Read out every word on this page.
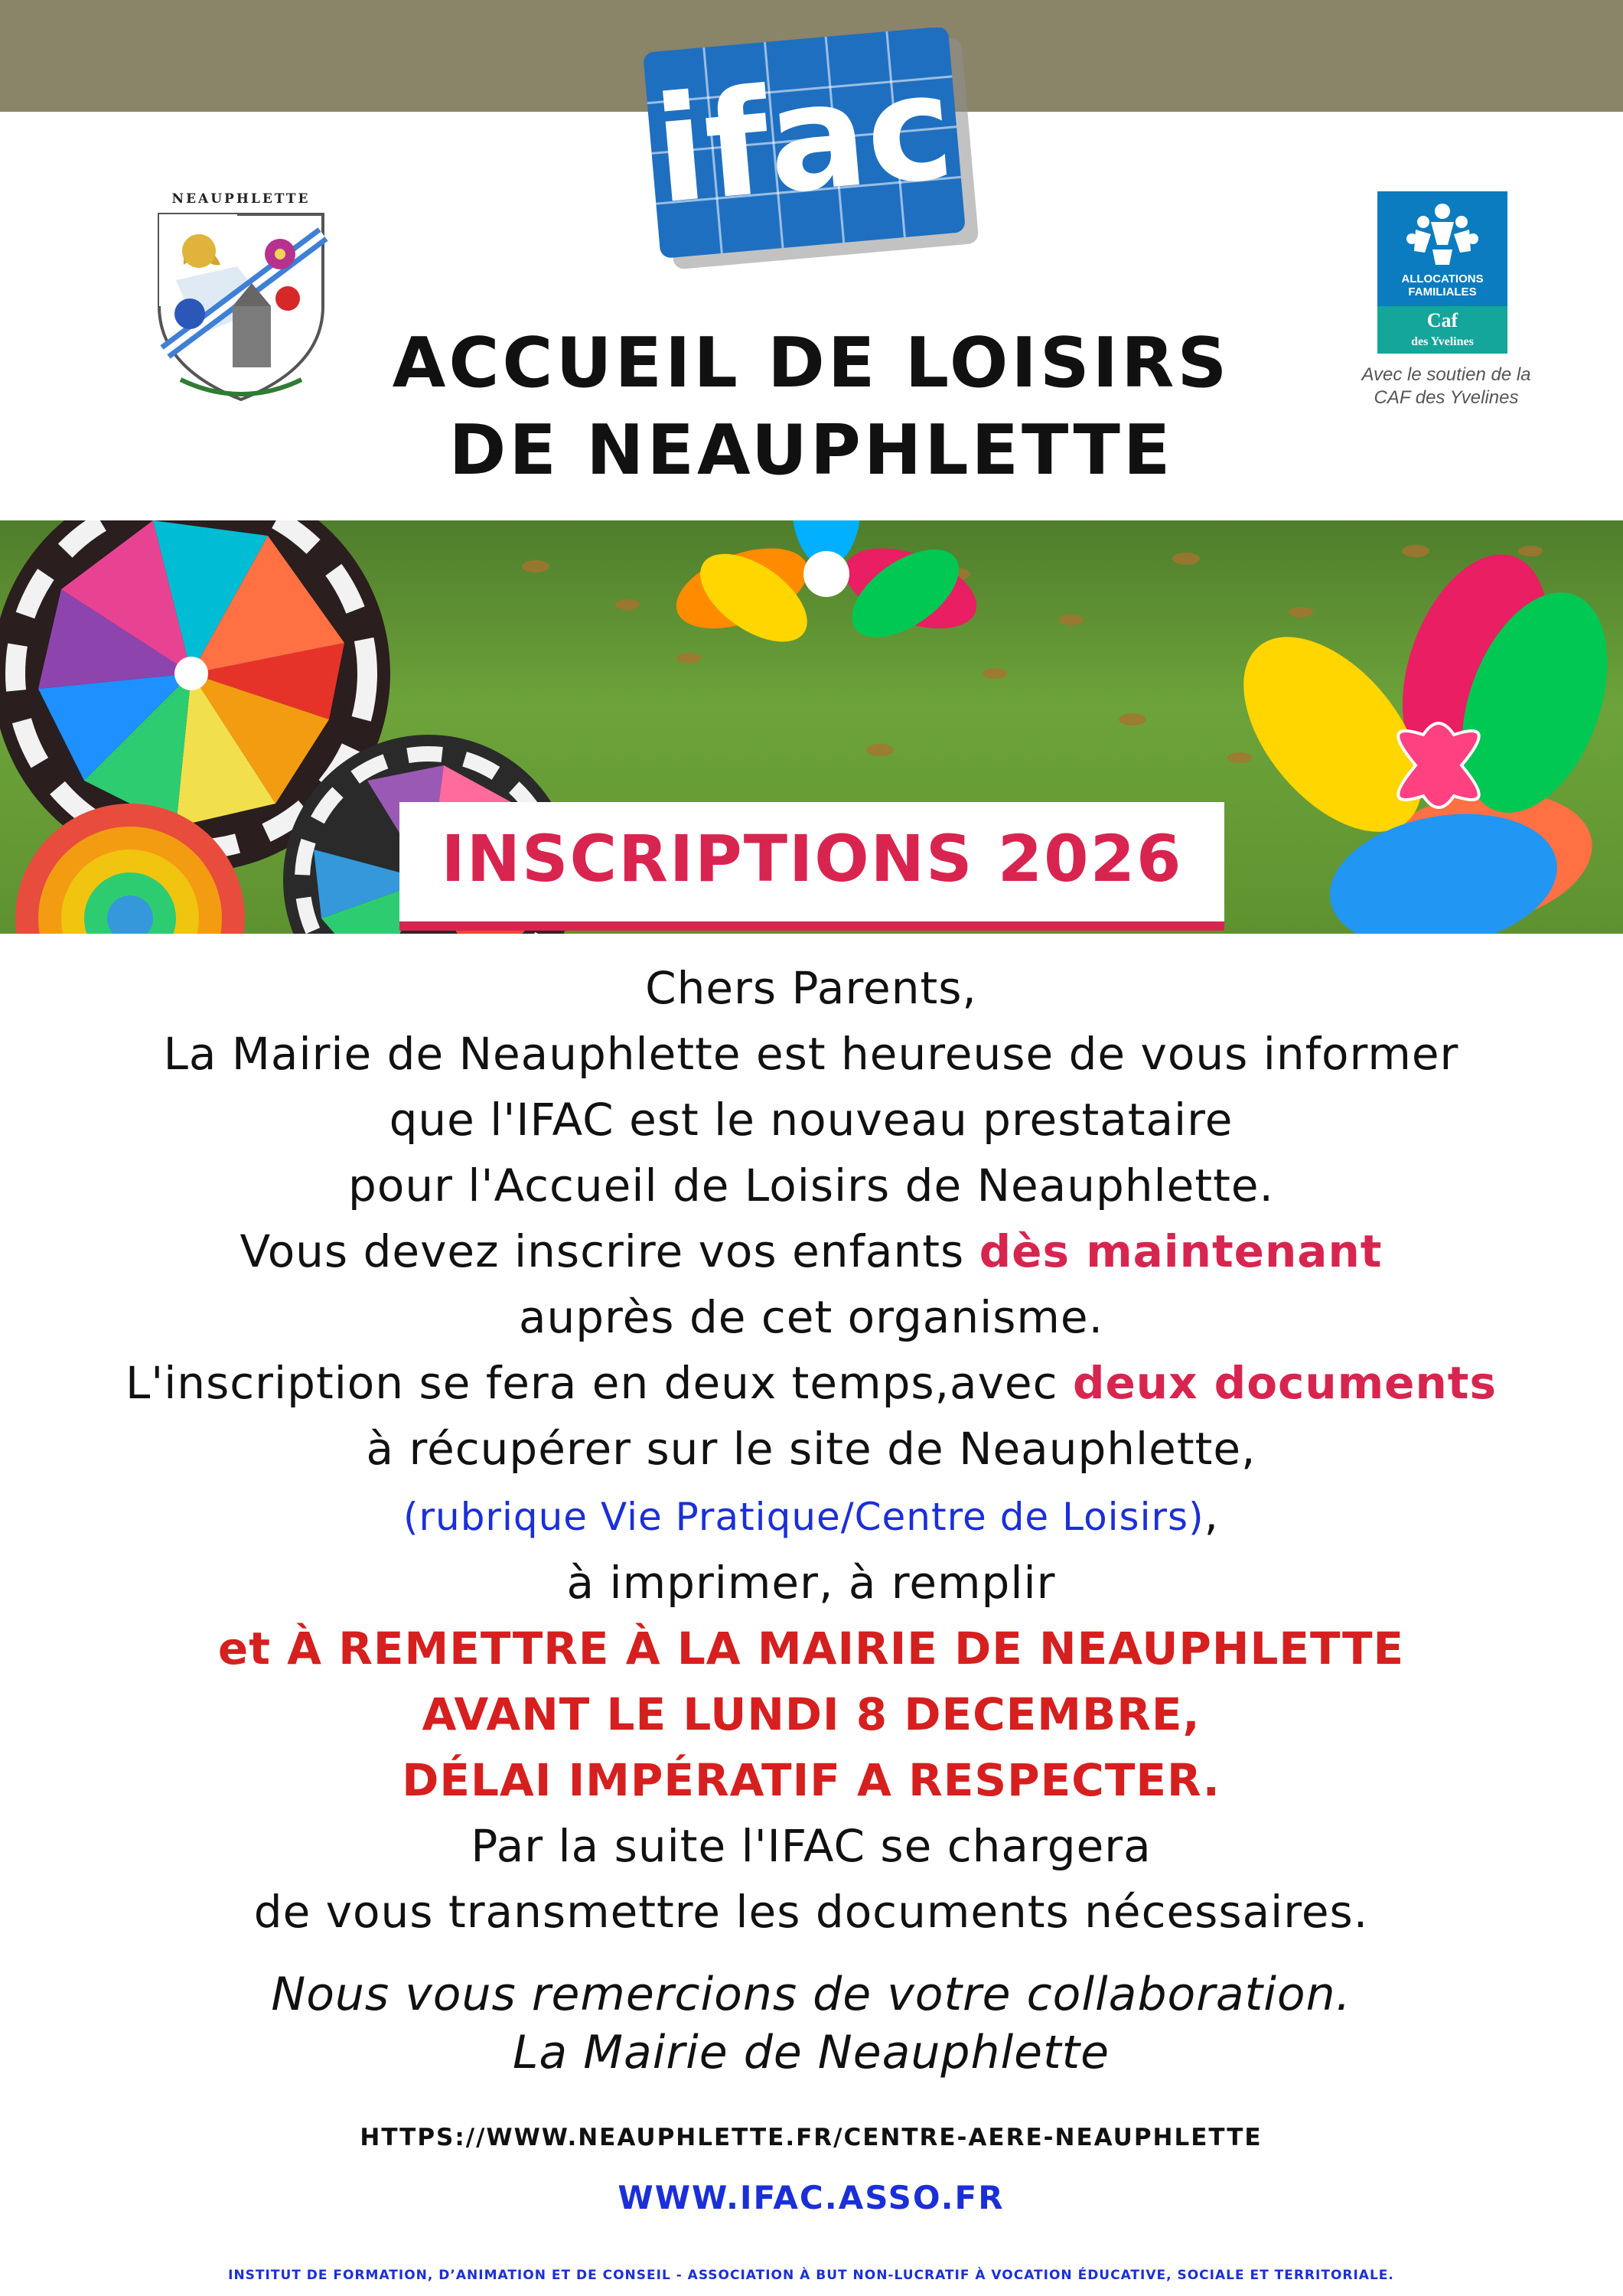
ifac
NEAUPHLETTE
ALLOCATIONS
FAMILIALES
Caf
des Yvelines
Avec le soutien de la
CAF des Yvelines
ACCUEIL DE LOISIRS
DE NEAUPHLETTE
INSCRIPTIONS 2026
Chers Parents,
La Mairie de Neauphlette est heureuse de vous informer
que l'IFAC est le nouveau prestataire
pour l'Accueil de Loisirs de Neauphlette.
Vous devez inscrire vos enfants dès maintenant
auprès de cet organisme.
L'inscription se fera en deux temps,avec deux documents
à récupérer sur le site de Neauphlette,
(rubrique Vie Pratique/Centre de Loisirs),
à imprimer, à remplir
et À REMETTRE À LA MAIRIE DE NEAUPHLETTE
AVANT LE LUNDI 8 DECEMBRE,
DÉLAI IMPÉRATIF A RESPECTER.
Par la suite l'IFAC se chargera
de vous transmettre les documents nécessaires.
Nous vous remercions de votre collaboration.
La Mairie de Neauphlette
HTTPS://WWW.NEAUPHLETTE.FR/CENTRE-AERE-NEAUPHLETTE
WWW.IFAC.ASSO.FR
INSTITUT DE FORMATION, D’ANIMATION ET DE CONSEIL - ASSOCIATION À BUT NON-LUCRATIF À VOCATION ÉDUCATIVE, SOCIALE ET TERRITORIALE.
